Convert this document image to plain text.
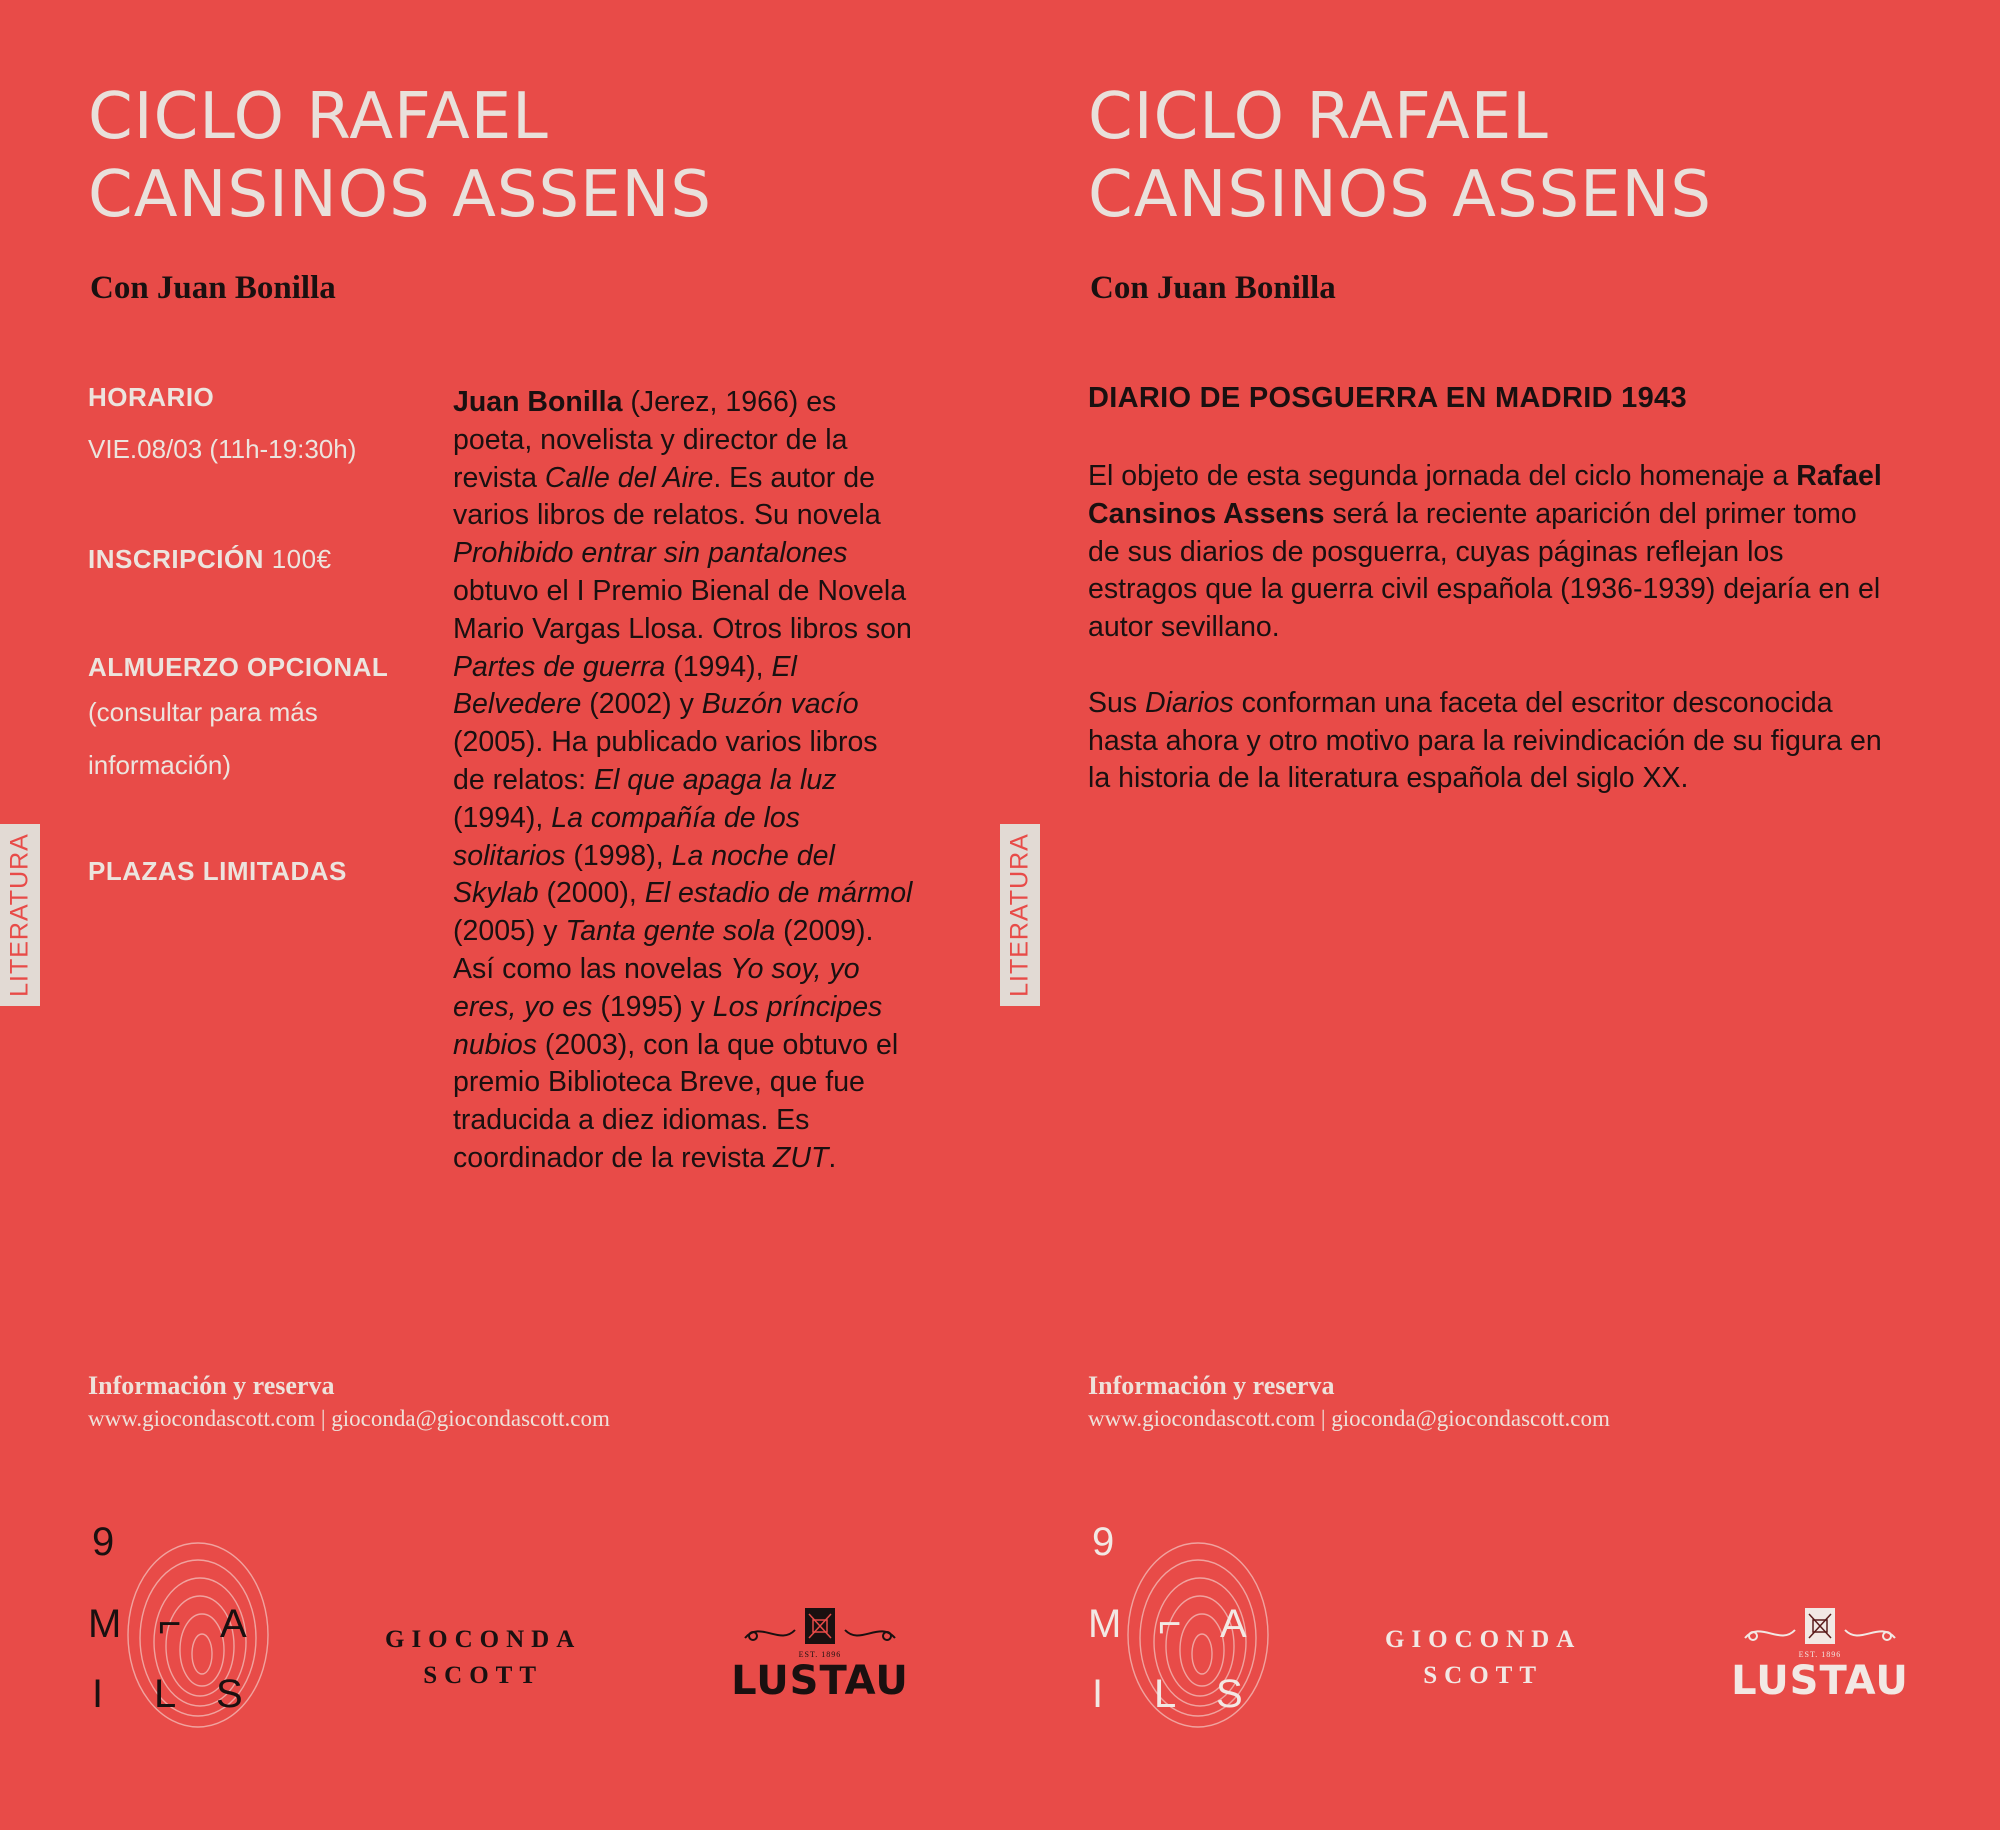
CICLO RAFAEL
CANSINOS ASSENS
Con Juan Bonilla
LITERATURA

HORARIO

VIE.08/03 (11h-19:30h)

INSCRIPCIÓN 100€

ALMUERZO OPCIONAL

(consultar para más

información)

PLAZAS LIMITADAS

Juan Bonilla (Jerez, 1966) es poeta, novelista y director de la revista Calle del Aire. Es autor de varios libros de relatos. Su novela Prohibido entrar sin pantalones obtuvo el I Premio Bienal de Novela Mario Vargas Llosa. Otros libros son Partes de guerra (1994), El Belvedere (2002) y Buzón vacío (2005). Ha publicado varios libros de relatos: El que apaga la luz (1994), La compañía de los solitarios (1998), La noche del Skylab (2000), El estadio de mármol (2005) y Tanta gente sola (2009). Así como las novelas Yo soy, yo eres, yo es (1995) y Los príncipes nubios (2003), con la que obtuvo el premio Biblioteca Breve, que fue traducida a diez idiomas. Es coordinador de la revista ZUT.
Información y reserva
www.giocondascott.com | gioconda@giocondascott.com
9
M ⌐ A
I L S
GIOCONDA
SCOTT
EST. 1896
LUSTAU
CICLO RAFAEL
CANSINOS ASSENS
Con Juan Bonilla
LITERATURA
DIARIO DE POSGUERRA EN MADRID 1943

El objeto de esta segunda jornada del ciclo homenaje a Rafael Cansinos Assens será la reciente aparición del primer tomo de sus diarios de posguerra, cuyas páginas reflejan los estragos que la guerra civil española (1936-1939) dejaría en el autor sevillano.

Sus Diarios conforman una faceta del escritor desconocida hasta ahora y otro motivo para la reivindicación de su figura en la historia de la literatura española del siglo XX.

Información y reserva
www.giocondascott.com | gioconda@giocondascott.com
9
M ⌐ A
I L S
GIOCONDA
SCOTT
EST. 1896
LUSTAU
